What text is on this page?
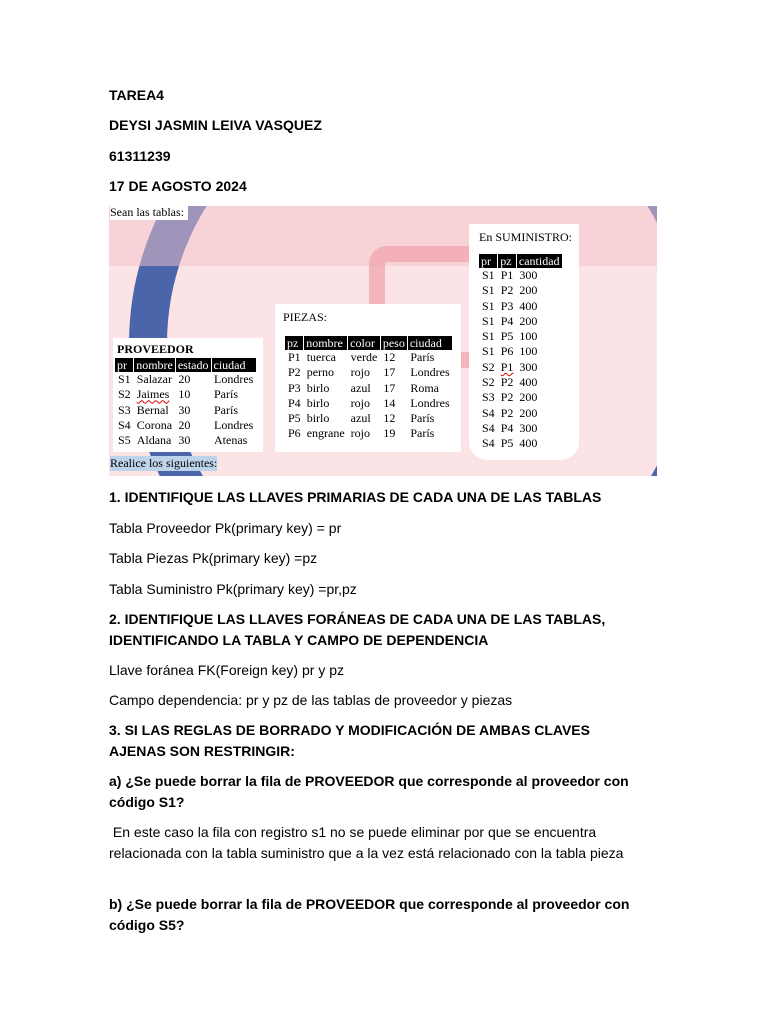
TAREA4
DEYSI JASMIN LEIVA VASQUEZ
61311239
17 DE AGOSTO 2024
Sean las tablas:
PROVEEDOR
pr	nombre	estado	ciudad
S1	Salazar	20	Londres
S2	Jaimes	10	París
S3	Bernal	30	París
S4	Corona	20	Londres
S5	Aldana	30	Atenas
PIEZAS:
pz	nombre	color	peso	ciudad
P1	tuerca	verde	12	París
P2	perno	rojo	17	Londres
P3	birlo	azul	17	Roma
P4	birlo	rojo	14	Londres
P5	birlo	azul	12	París
P6	engrane	rojo	19	París
En SUMINISTRO:
pr	pz	cantidad
S1	P1	300
S1	P2	200
S1	P3	400
S1	P4	200
S1	P5	100
S1	P6	100
S2	P1	300
S2	P2	400
S3	P2	200
S4	P2	200
S4	P4	300
S4	P5	400
Realice los siguientes:
1. IDENTIFIQUE LAS LLAVES PRIMARIAS DE CADA UNA DE LAS TABLAS
Tabla Proveedor Pk(primary key) = pr
Tabla Piezas Pk(primary key) =pz
Tabla Suministro Pk(primary key) =pr,pz
2. IDENTIFIQUE LAS LLAVES FORÁNEAS DE CADA UNA DE LAS TABLAS, IDENTIFICANDO LA TABLA Y CAMPO DE DEPENDENCIA
Llave foránea FK(Foreign key) pr y pz
Campo dependencia: pr y pz de las tablas de proveedor y piezas
3. SI LAS REGLAS DE BORRADO Y MODIFICACIÓN DE AMBAS CLAVES AJENAS SON RESTRINGIR:
a) ¿Se puede borrar la fila de PROVEEDOR que corresponde al proveedor con código S1?
En este caso la fila con registro s1 no se puede eliminar por que se encuentra relacionada con la tabla suministro que a la vez está relacionado con la tabla pieza
b) ¿Se puede borrar la fila de PROVEEDOR que corresponde al proveedor con código S5?
